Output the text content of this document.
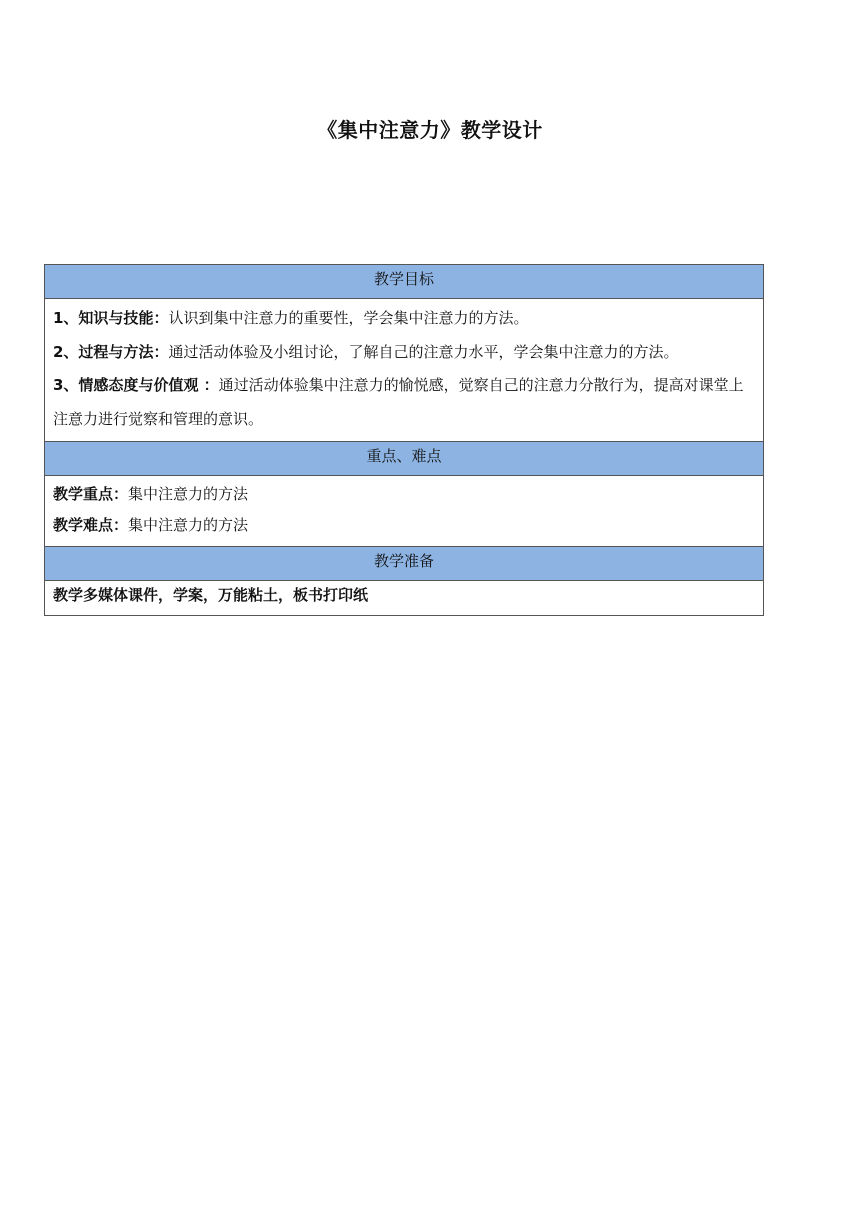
《集中注意力》教学设计
教学目标

1、知识与技能：认识到集中注意力的重要性，学会集中注意力的方法。

2、过程与方法：通过活动体验及小组讨论，了解自己的注意力水平，学会集中注意力的方法。

3、情感态度与价值观 ：通过活动体验集中注意力的愉悦感，觉察自己的注意力分散行为，提高对课堂上注意力进行觉察和管理的意识。

重点、难点

教学重点：集中注意力的方法

教学难点：集中注意力的方法

教学准备
教学多媒体课件，学案，万能粘土，板书打印纸
